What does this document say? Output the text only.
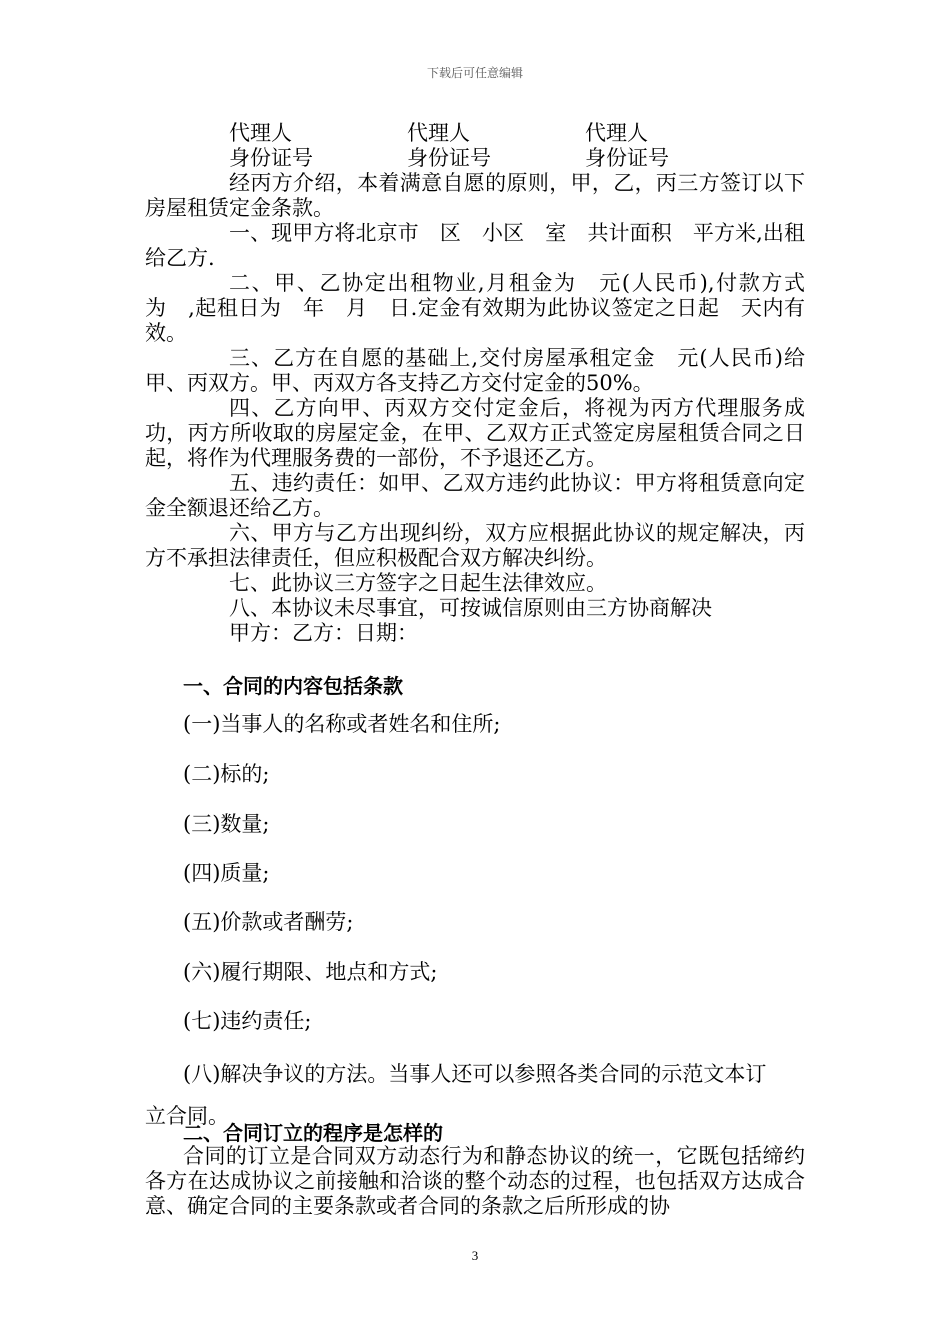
下载后可任意编辑
代理人	代理人	代理人
身份证号	身份证号	身份证号

经丙方介绍，本着满意自愿的原则，甲，乙，丙三方签订以下房屋租赁定金条款。

一、现甲方将北京市　区　小区　室　共计面积　平方米,出租给乙方.

二、甲、乙协定出租物业,月租金为　元(人民币),付款方式为　,起租日为　年　月　日.定金有效期为此协议签定之日起　天内有效。

三、乙方在自愿的基础上,交付房屋承租定金　元(人民币)给甲、丙双方。甲、丙双方各支持乙方交付定金的50%。

四、乙方向甲、丙双方交付定金后，将视为丙方代理服务成功，丙方所收取的房屋定金，在甲、乙双方正式签定房屋租赁合同之日起，将作为代理服务费的一部份，不予退还乙方。

五、违约责任：如甲、乙双方违约此协议：甲方将租赁意向定金全额退还给乙方。

六、甲方与乙方出现纠纷，双方应根据此协议的规定解决，丙方不承担法律责任，但应积极配合双方解决纠纷。

七、此协议三方签字之日起生法律效应。

八、本协议未尽事宜，可按诚信原则由三方协商解决

甲方：乙方：日期：

一、合同的内容包括条款
(一)当事人的名称或者姓名和住所;
(二)标的;
(三)数量;
(四)质量;
(五)价款或者酬劳;
(六)履行期限、地点和方式;
(七)违约责任;
(八)解决争议的方法。当事人还可以参照各类合同的示范文本订
立合同。
二、合同订立的程序是怎样的

合同的订立是合同双方动态行为和静态协议的统一，它既包括缔约各方在达成协议之前接触和洽谈的整个动态的过程，也包括双方达成合意、确定合同的主要条款或者合同的条款之后所形成的协

3
